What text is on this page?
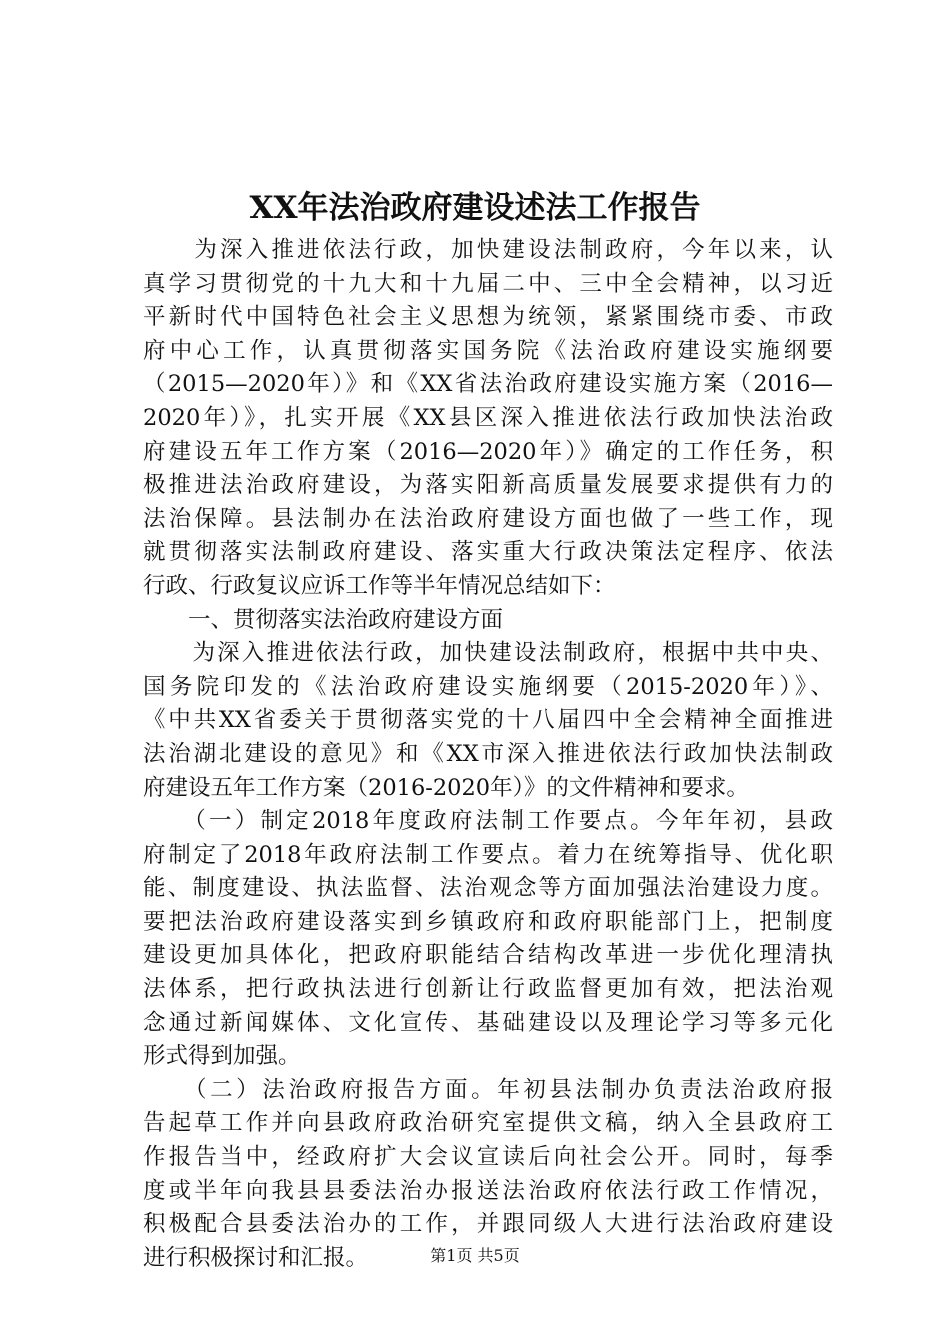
XX年法治政府建设述法工作报告
　　为深入推进依法行政，加快建设法制政府，今年以来，认
真学习贯彻党的十九大和十九届二中、三中全会精神，以习近
平新时代中国特色社会主义思想为统领，紧紧围绕市委、市政
府中心工作，认真贯彻落实国务院《法治政府建设实施纲要
（2015—2020年）》和《XX省法治政府建设实施方案（2016—
2020年）》，扎实开展《XX县区深入推进依法行政加快法治政
府建设五年工作方案（2016—2020年）》确定的工作任务，积
极推进法治政府建设，为落实阳新高质量发展要求提供有力的
法治保障。县法制办在法治政府建设方面也做了一些工作，现
就贯彻落实法制政府建设、落实重大行政决策法定程序、依法
行政、行政复议应诉工作等半年情况总结如下：
　　一、贯彻落实法治政府建设方面
　　为深入推进依法行政，加快建设法制政府，根据中共中央、
国务院印发的《法治政府建设实施纲要（2015-2020年）》、
《中共XX省委关于贯彻落实党的十八届四中全会精神全面推进
法治湖北建设的意见》和《XX市深入推进依法行政加快法制政
府建设五年工作方案（2016-2020年）》的文件精神和要求。
　　（一）制定2018年度政府法制工作要点。今年年初，县政
府制定了2018年政府法制工作要点。着力在统筹指导、优化职
能、制度建设、执法监督、法治观念等方面加强法治建设力度。
要把法治政府建设落实到乡镇政府和政府职能部门上，把制度
建设更加具体化，把政府职能结合结构改革进一步优化理清执
法体系，把行政执法进行创新让行政监督更加有效，把法治观
念通过新闻媒体、文化宣传、基础建设以及理论学习等多元化
形式得到加强。
　　（二）法治政府报告方面。年初县法制办负责法治政府报
告起草工作并向县政府政治研究室提供文稿，纳入全县政府工
作报告当中，经政府扩大会议宣读后向社会公开。同时，每季
度或半年向我县县委法治办报送法治政府依法行政工作情况，
积极配合县委法治办的工作，并跟同级人大进行法治政府建设
进行积极探讨和汇报。	第1页 共5页
